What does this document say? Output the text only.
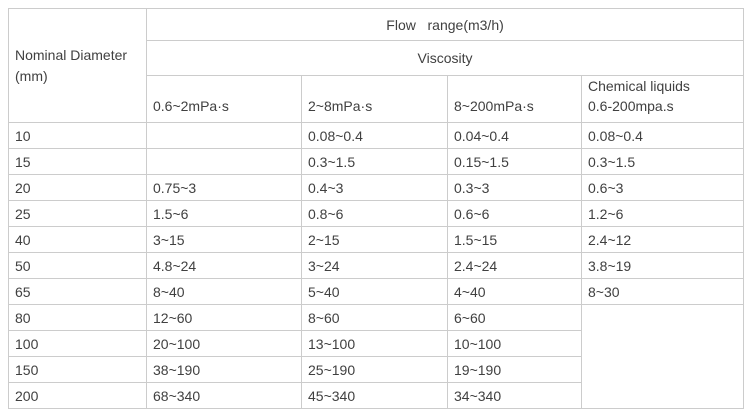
Nominal Diameter
(mm)	Flow   range(m3/h)			
	Viscosity			
	0.6~2mPa·s	2~8mPa·s	8~200mPa·s	Chemical liquids
0.6-200mpa.s

10		0.08~0.4	0.04~0.4	0.08~0.4
15		0.3~1.5	0.15~1.5	0.3~1.5
20	0.75~3	0.4~3	0.3~3	0.6~3
25	1.5~6	0.8~6	0.6~6	1.2~6
40	3~15	2~15	1.5~15	2.4~12
50	4.8~24	3~24	2.4~24	3.8~19
65	8~40	5~40	4~40	8~30
80	12~60	8~60	6~60	
100	20~100	13~100	10~100	
150	38~190	25~190	19~190	
200	68~340	45~340	34~340	
